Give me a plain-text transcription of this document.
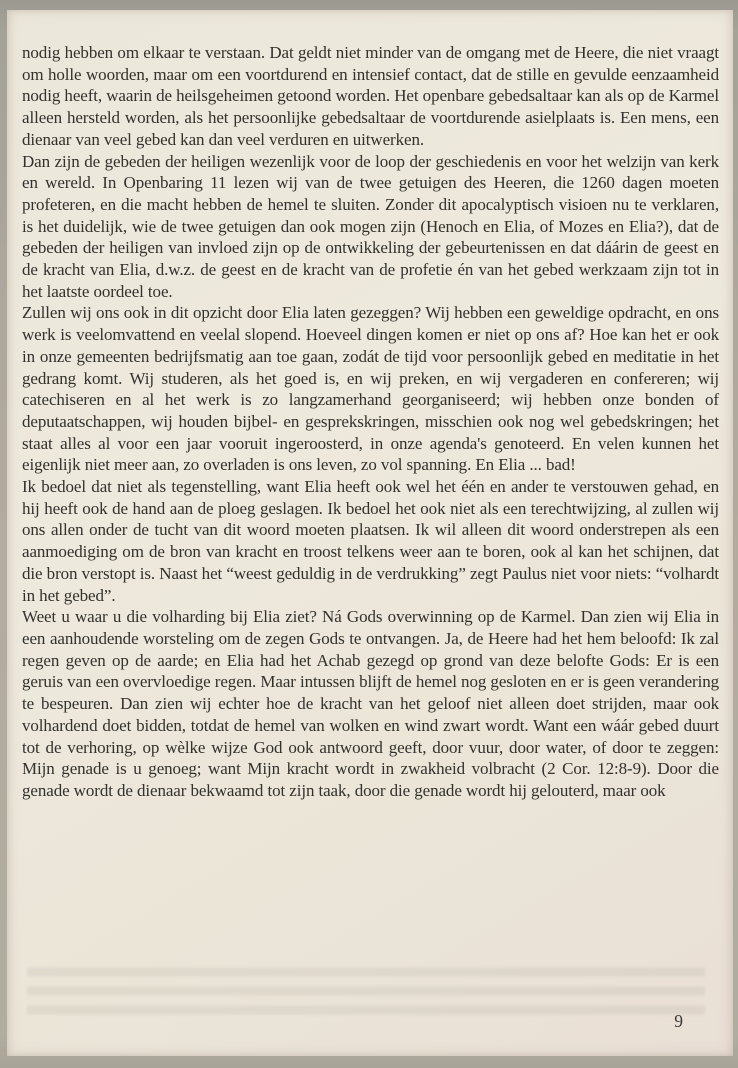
nodig hebben om elkaar te verstaan. Dat geldt niet minder van de omgang met de Heere, die niet vraagt om holle woorden, maar om een voortdurend en intensief contact, dat de stille en gevulde eenzaamheid nodig heeft, waarin de heilsgeheimen getoond worden. Het openbare gebedsaltaar kan als op de Karmel alleen hersteld worden, als het persoonlijke gebedsaltaar de voortdurende asielplaats is. Een mens, een dienaar van veel gebed kan dan veel verduren en uitwerken.

Dan zijn de gebeden der heiligen wezenlijk voor de loop der geschiedenis en voor het welzijn van kerk en wereld. In Openbaring 11 lezen wij van de twee getuigen des Heeren, die 1260 dagen moeten profeteren, en die macht hebben de hemel te sluiten. Zonder dit apocalyptisch visioen nu te verklaren, is het duidelijk, wie de twee getuigen dan ook mogen zijn (Henoch en Elia, of Mozes en Elia?), dat de gebeden der heiligen van invloed zijn op de ontwikkeling der gebeurtenissen en dat dáárin de geest en de kracht van Elia, d.w.z. de geest en de kracht van de profetie én van het gebed werkzaam zijn tot in het laatste oordeel toe.

Zullen wij ons ook in dit opzicht door Elia laten gezeggen? Wij hebben een geweldige opdracht, en ons werk is veelomvattend en veelal slopend. Hoeveel dingen komen er niet op ons af? Hoe kan het er ook in onze gemeenten bedrijfsmatig aan toe gaan, zodát de tijd voor persoonlijk gebed en meditatie in het gedrang komt. Wij studeren, als het goed is, en wij preken, en wij vergaderen en confereren; wij catechiseren en al het werk is zo langzamerhand georganiseerd; wij hebben onze bonden of deputaatschappen, wij houden bijbel- en gesprekskringen, misschien ook nog wel gebedskringen; het staat alles al voor een jaar vooruit ingeroosterd, in onze agenda's genoteerd. En velen kunnen het eigenlijk niet meer aan, zo overladen is ons leven, zo vol spanning. En Elia ... bad!

Ik bedoel dat niet als tegenstelling, want Elia heeft ook wel het één en ander te verstouwen gehad, en hij heeft ook de hand aan de ploeg geslagen. Ik bedoel het ook niet als een terechtwijzing, al zullen wij ons allen onder de tucht van dit woord moeten plaatsen. Ik wil alleen dit woord onderstrepen als een aanmoediging om de bron van kracht en troost telkens weer aan te boren, ook al kan het schijnen, dat die bron verstopt is. Naast het “weest geduldig in de verdrukking” zegt Paulus niet voor niets: “volhardt in het gebed”.

Weet u waar u die volharding bij Elia ziet? Ná Gods overwinning op de Karmel. Dan zien wij Elia in een aanhoudende worsteling om de zegen Gods te ontvangen. Ja, de Heere had het hem beloofd: Ik zal regen geven op de aarde; en Elia had het Achab gezegd op grond van deze belofte Gods: Er is een geruis van een overvloedige regen. Maar intussen blijft de hemel nog gesloten en er is geen verandering te bespeuren. Dan zien wij echter hoe de kracht van het geloof niet alleen doet strijden, maar ook volhardend doet bidden, totdat de hemel van wolken en wind zwart wordt. Want een wáár gebed duurt tot de verhoring, op wèlke wijze God ook antwoord geeft, door vuur, door water, of door te zeggen: Mijn genade is u genoeg; want Mijn kracht wordt in zwakheid volbracht (2 Cor. 12:8-9). Door die genade wordt de dienaar bekwaamd tot zijn taak, door die genade wordt hij gelouterd, maar ook

9
